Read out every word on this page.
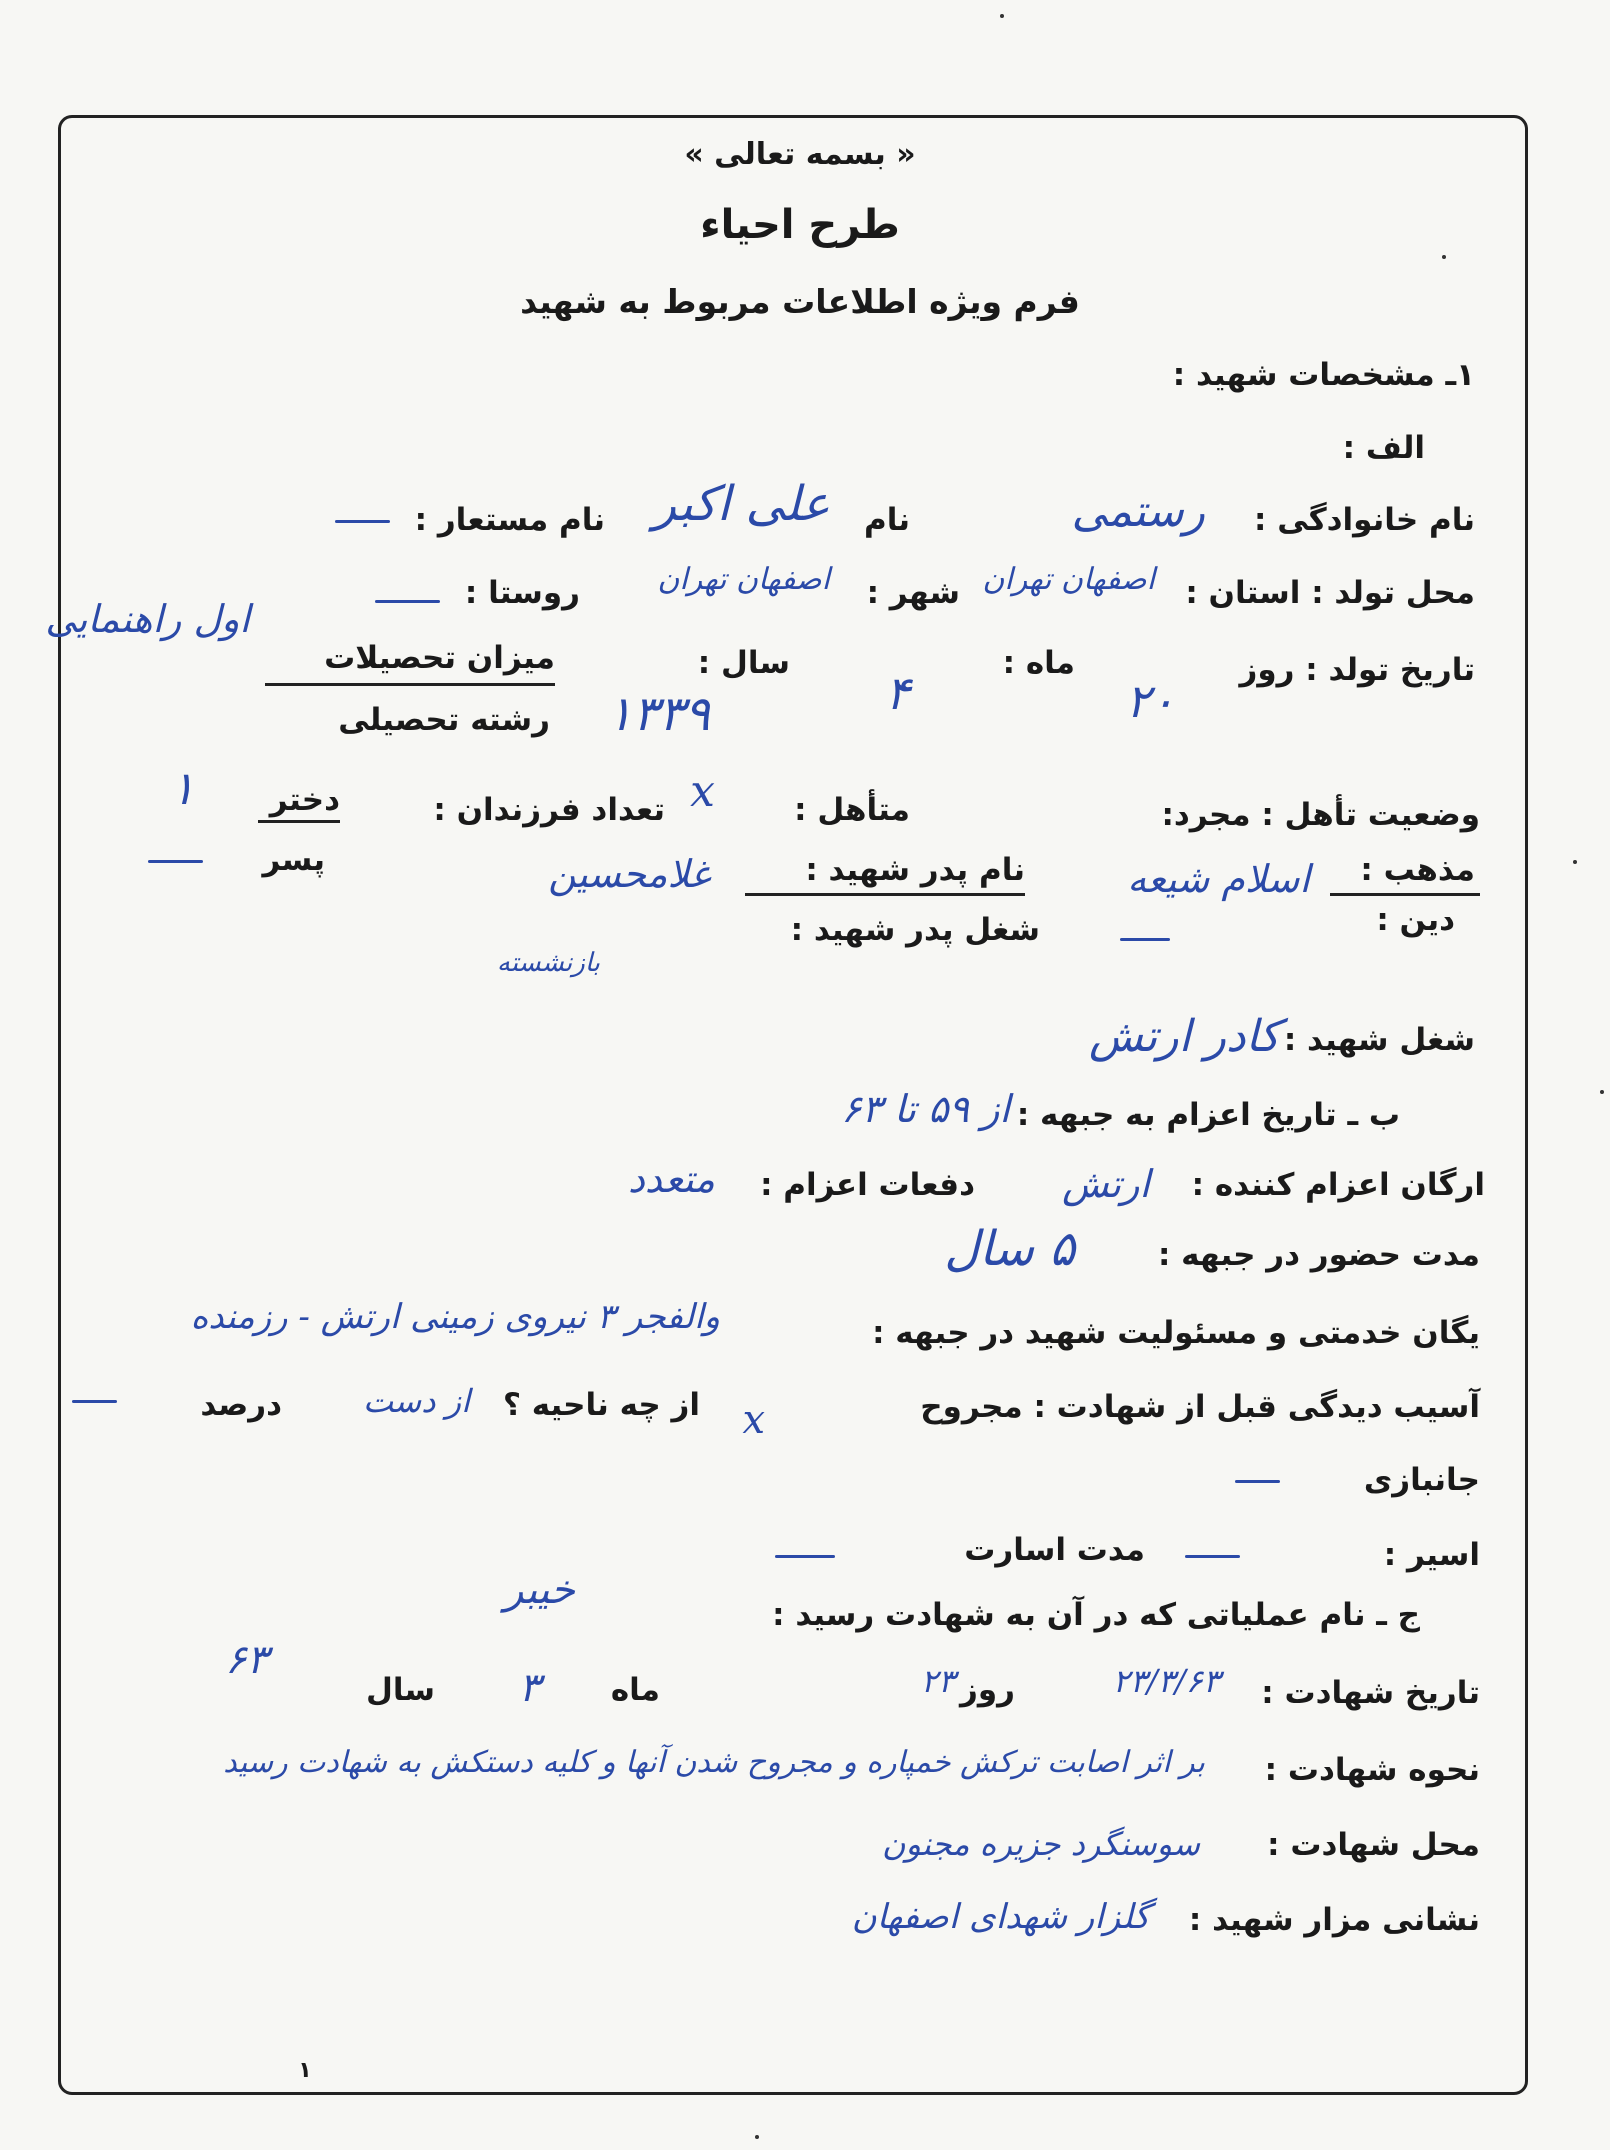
« بسمه تعالی »
طرح احیاء
فرم ویژه اطلاعات مربوط به شهید
۱ـ مشخصات شهید :
الف :
نام خانوادگی :
رستمی
نام
علی اکبر
نام مستعار :
اول راهنمایی
محل تولد : استان :
اصفهان تهران
شهر :
اصفهان تهران
روستا :
تاریخ تولد : روز
۲۰
ماه :
۴
سال :
میزان تحصیلات
۱۳۳۹
رشته تحصیلی
وضعیت تأهل : مجرد:
متأهل :
x
تعداد فرزندان :
دختر
۱
پسر	مذهب :
اسلام شیعه
دین :
نام پدر شهید :
غلامحسین
شغل پدر شهید :
بازنشسته
شغل شهید :
کادر ارتش
ب ـ تاریخ اعزام به جبهه :
از ۵۹ تا ۶۳
ارگان اعزام کننده :
ارتش
دفعات اعزام :
متعدد
مدت حضور در جبهه :
۵ سال
یگان خدمتی و مسئولیت شهید در جبهه :
والفجر ۳ نیروی زمینی ارتش - رزمنده
آسیب دیدگی قبل از شهادت : مجروح
x
از چه ناحیه ؟
از دست
درصد
جانبازی
اسیر :
مدت اسارت
ج ـ نام عملیاتی که در آن به شهادت رسید :
خیبر
تاریخ شهادت :
۲۳/۳/۶۳
روز
۲۳
ماه
۳
سال
۶۳
نحوه شهادت :
بر اثر اصابت ترکش خمپاره و مجروح شدن آنها و کلیه دستکش به شهادت رسید
محل شهادت :
سوسنگرد جزیره مجنون
نشانی مزار شهید :
گلزار شهدای اصفهان
۱
